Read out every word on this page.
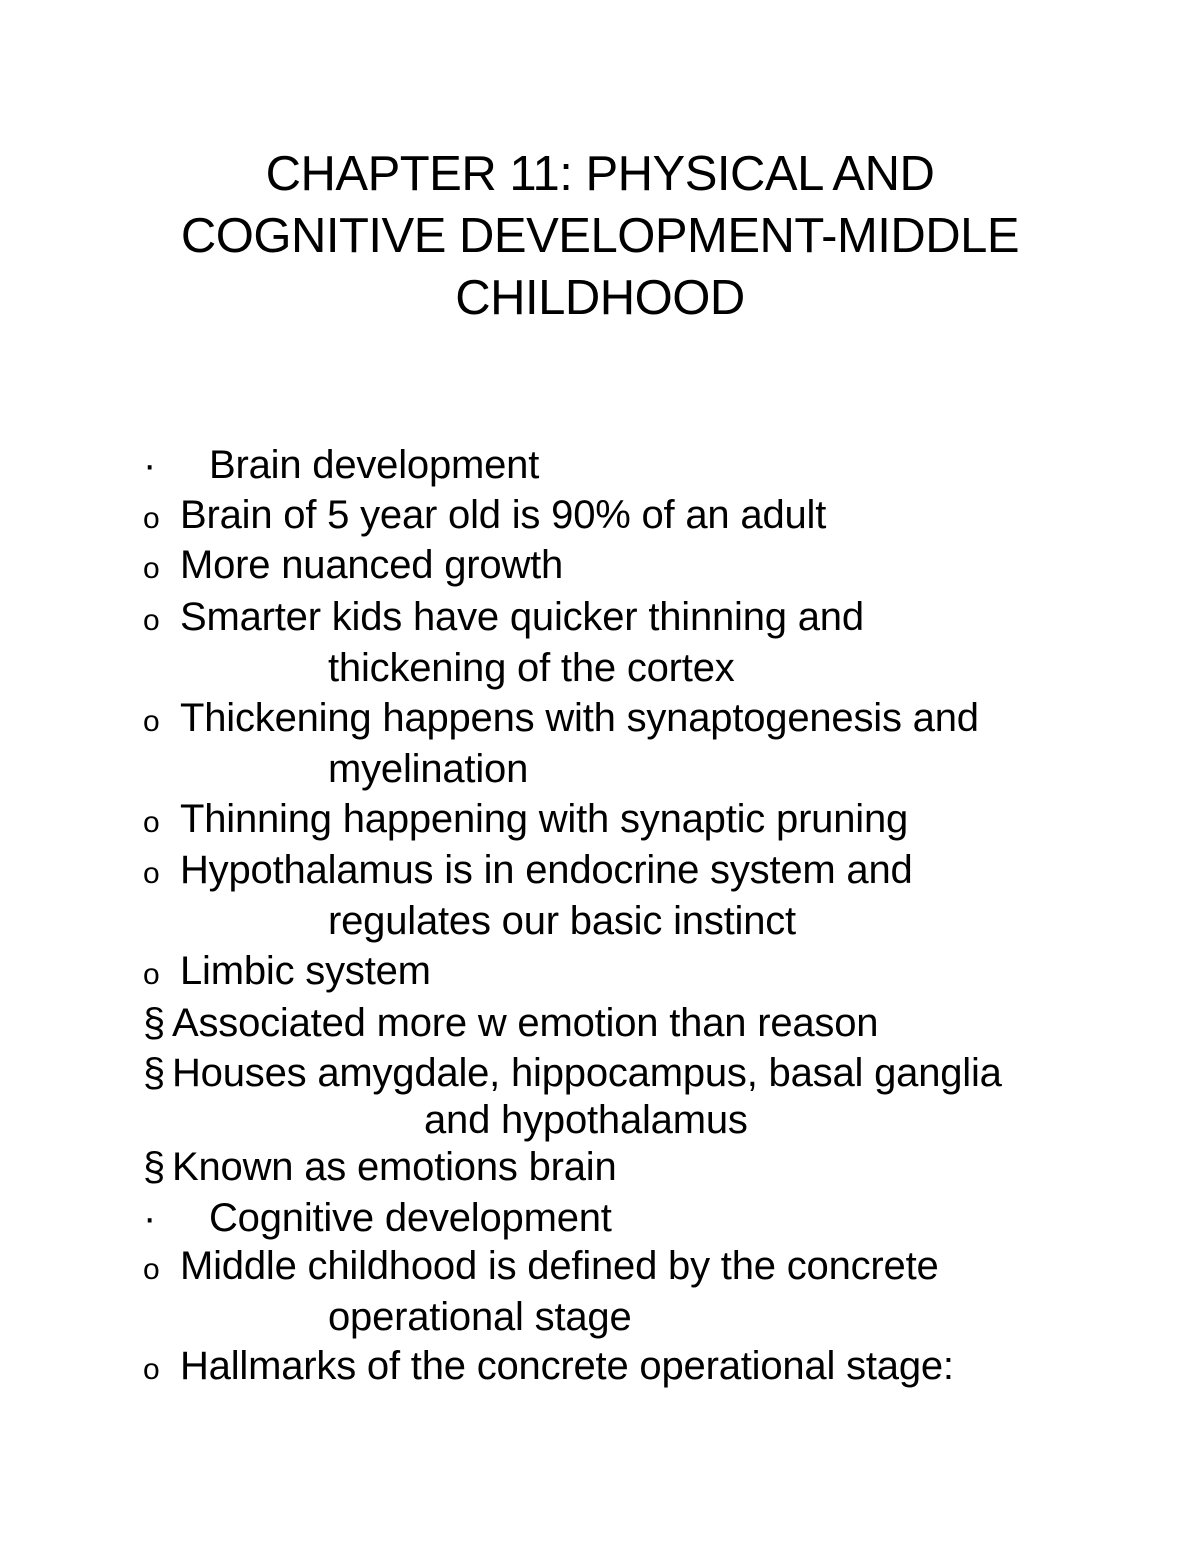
CHAPTER 11: PHYSICAL AND
COGNITIVE DEVELOPMENT-MIDDLE
CHILDHOOD
· Brain development
o Brain of 5 year old is 90% of an adult
o More nuanced growth
o Smarter kids have quicker thinning and
thickening of the cortex
o Thickening happens with synaptogenesis and
myelination
o Thinning happening with synaptic pruning
o Hypothalamus is in endocrine system and
regulates our basic instinct
o Limbic system
§ Associated more w emotion than reason
§ Houses amygdale, hippocampus, basal ganglia
and hypothalamus
§ Known as emotions brain
· Cognitive development
o Middle childhood is defined by the concrete
operational stage
o Hallmarks of the concrete operational stage:
